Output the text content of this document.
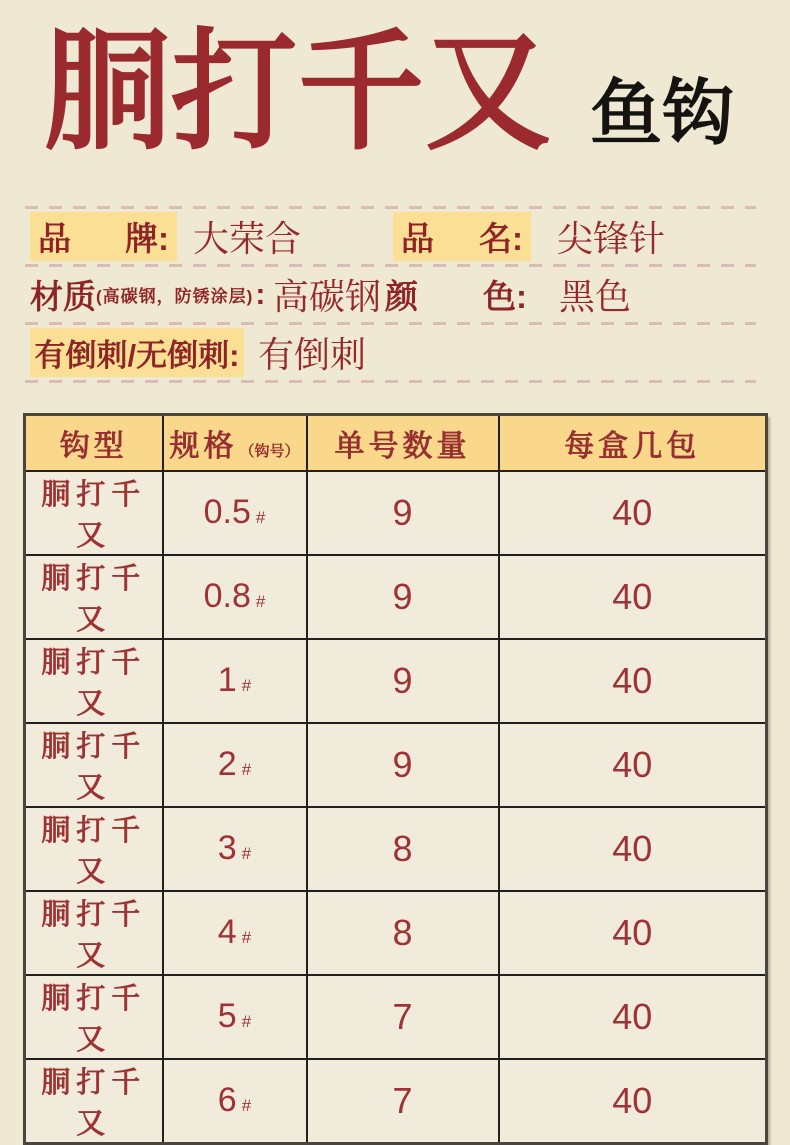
胴打千又 鱼钩
品 牌: 大荣合	品 名: 尖锋针
材质 (高碳钢，防锈涂层) : 高碳钢 颜 色: 黑色
有倒刺/无倒刺: 有倒刺
钩型	规格 （钩号）	单号数量	每盒几包
胴打千又	0.5 #	9	40
胴打千又	0.8 #	9	40
胴打千又	1 #	9	40
胴打千又	2 #	9	40
胴打千又	3 #	8	40
胴打千又	4 #	8	40
胴打千又	5 #	7	40
胴打千又	6 #	7	40
